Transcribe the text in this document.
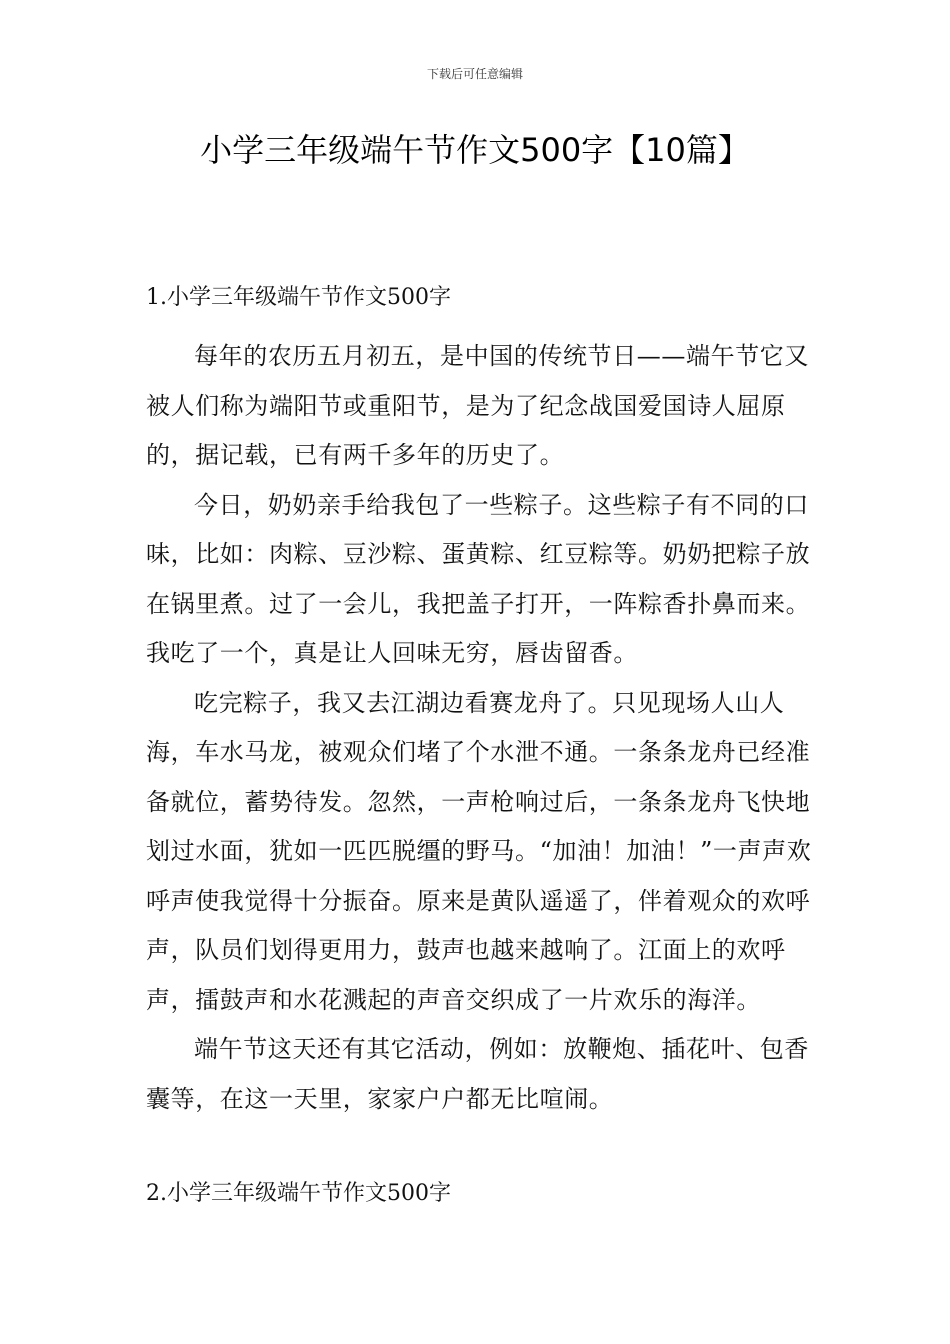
下载后可任意编辑
小学三年级端午节作文500字【10篇】
1.小学三年级端午节作文500字

每年的农历五月初五，是中国的传统节日——端午节它又被人们称为端阳节或重阳节，是为了纪念战国爱国诗人屈原的，据记载，已有两千多年的历史了。

今日，奶奶亲手给我包了一些粽子。这些粽子有不同的口味，比如：肉粽、豆沙粽、蛋黄粽、红豆粽等。奶奶把粽子放在锅里煮。过了一会儿，我把盖子打开，一阵粽香扑鼻而来。我吃了一个，真是让人回味无穷，唇齿留香。

吃完粽子，我又去江湖边看赛龙舟了。只见现场人山人海，车水马龙，被观众们堵了个水泄不通。一条条龙舟已经准备就位，蓄势待发。忽然，一声枪响过后，一条条龙舟飞快地划过水面，犹如一匹匹脱缰的野马。“加油！加油！”一声声欢呼声使我觉得十分振奋。原来是黄队遥遥了，伴着观众的欢呼声，队员们划得更用力，鼓声也越来越响了。江面上的欢呼声，擂鼓声和水花溅起的声音交织成了一片欢乐的海洋。

端午节这天还有其它活动，例如：放鞭炮、插花叶、包香囊等，在这一天里，家家户户都无比喧闹。

2.小学三年级端午节作文500字
